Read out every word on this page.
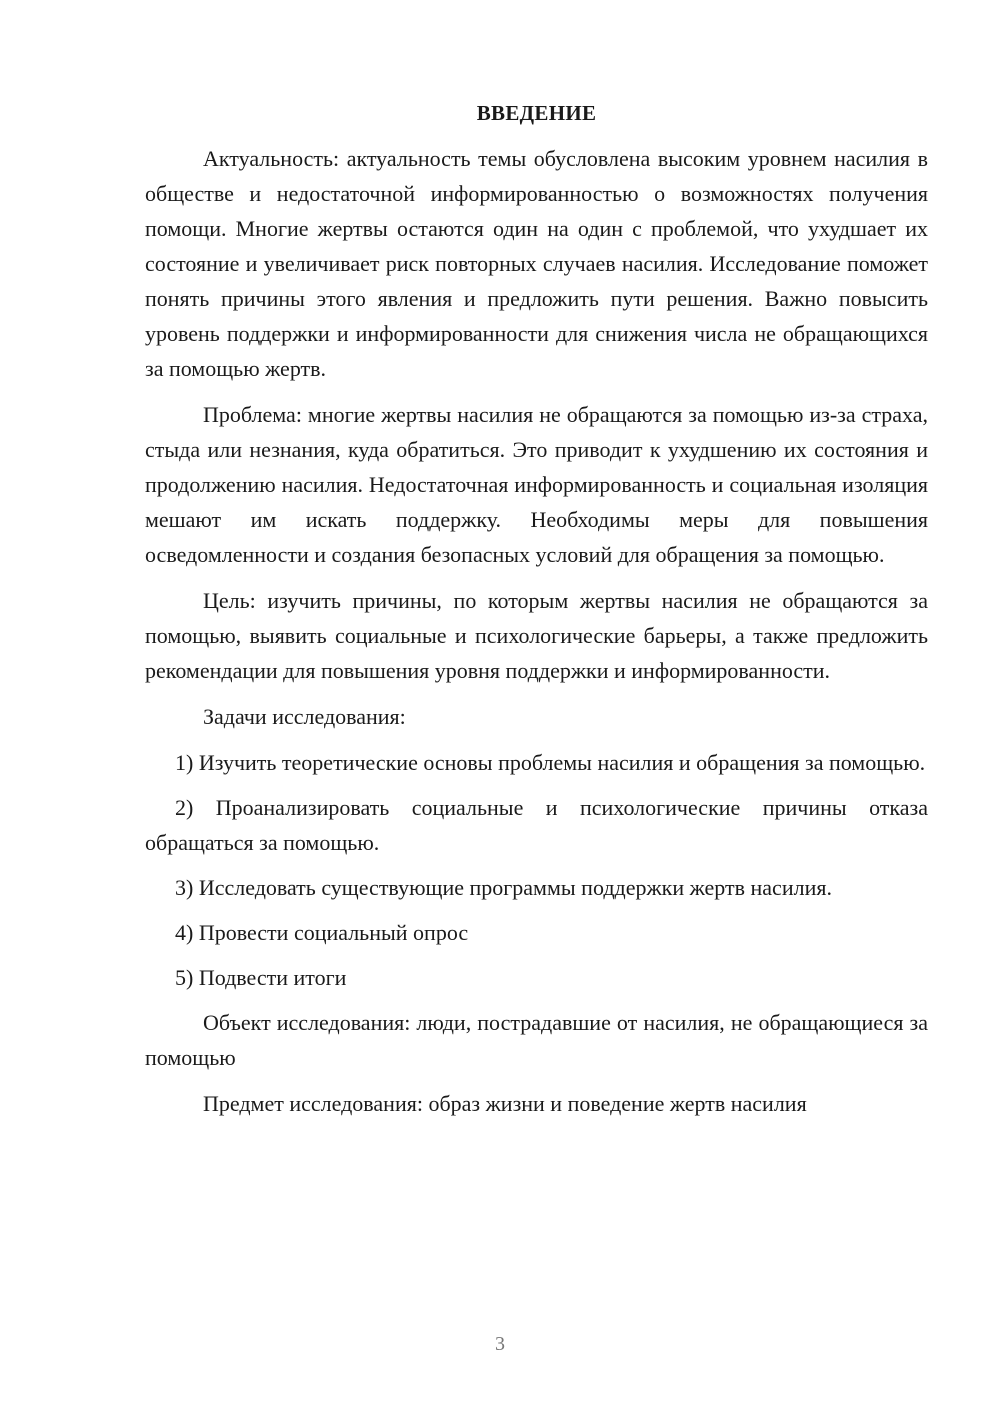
ВВЕДЕНИЕ

Актуальность: актуальность темы обусловлена высоким уровнем насилия в обществе и недостаточной информированностью о возможностях получения помощи. Многие жертвы остаются один на один с проблемой, что ухудшает их состояние и увеличивает риск повторных случаев насилия. Исследование поможет понять причины этого явления и предложить пути решения. Важно повысить уровень поддержки и информированности для снижения числа не обращающихся за помощью жертв.

Проблема: многие жертвы насилия не обращаются за помощью из-за страха, стыда или незнания, куда обратиться. Это приводит к ухудшению их состояния и продолжению насилия. Недостаточная информированность и социальная изоляция мешают им искать поддержку. Необходимы меры для повышения осведомленности и создания безопасных условий для обращения за помощью.

Цель: изучить причины, по которым жертвы насилия не обращаются за помощью, выявить социальные и психологические барьеры, а также предложить рекомендации для повышения уровня поддержки и информированности.

Задачи исследования:

1) Изучить теоретические основы проблемы насилия и обращения за помощью.

2) Проанализировать социальные и психологические причины отказа обращаться за помощью.

3) Исследовать существующие программы поддержки жертв насилия.

4) Провести социальный опрос

5) Подвести итоги

Объект исследования: люди, пострадавшие от насилия, не обращающиеся за помощью

Предмет исследования: образ жизни и поведение жертв насилия

3
